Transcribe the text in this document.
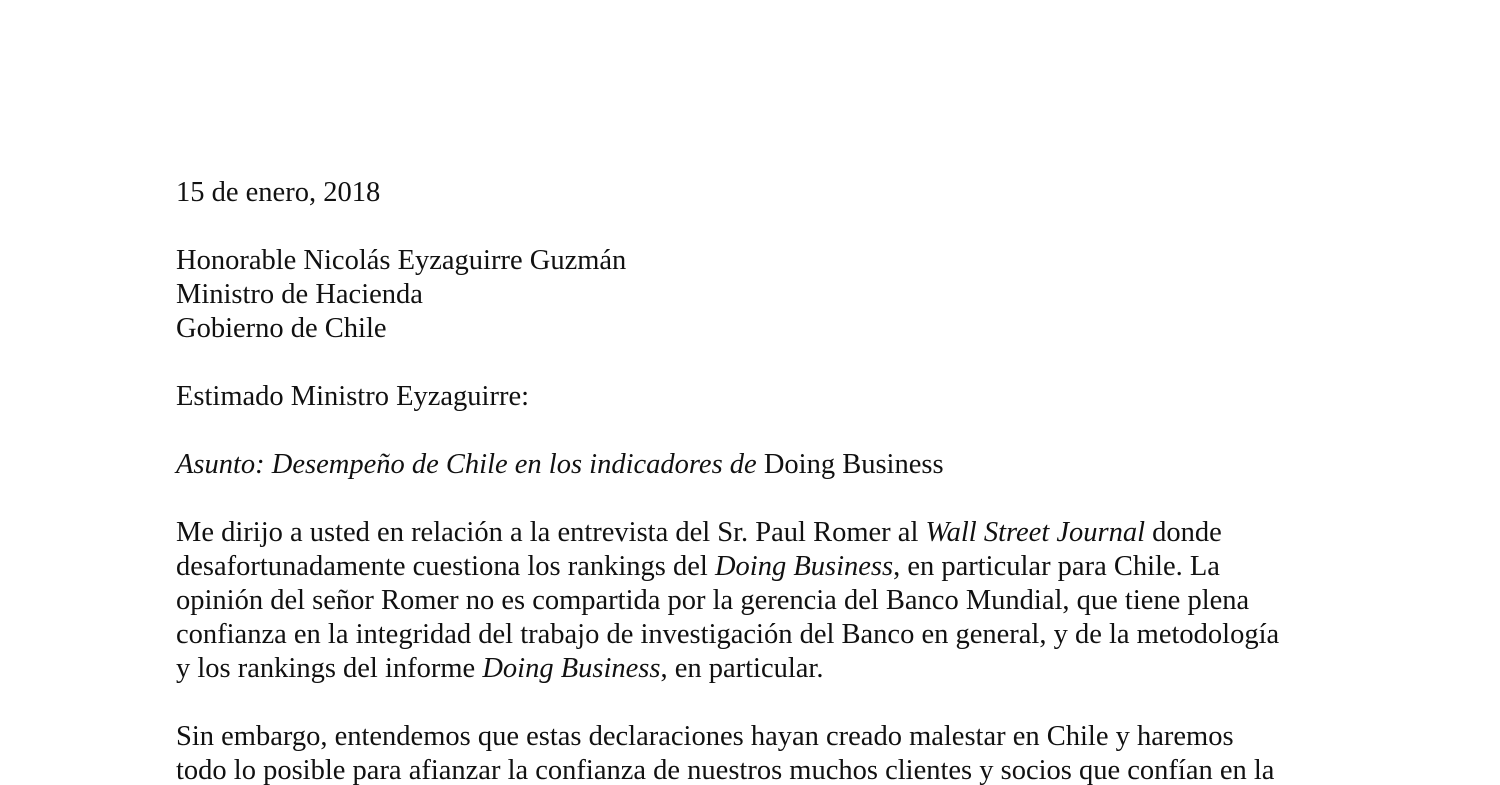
15 de enero, 2018
Honorable Nicolás Eyzaguirre Guzmán
Ministro de Hacienda
Gobierno de Chile
Estimado Ministro Eyzaguirre:
Asunto: Desempeño de Chile en los indicadores de Doing Business
Me dirijo a usted en relación a la entrevista del Sr. Paul Romer al Wall Street Journal donde
desafortunadamente cuestiona los rankings del Doing Business, en particular para Chile. La
opinión del señor Romer no es compartida por la gerencia del Banco Mundial, que tiene plena
confianza en la integridad del trabajo de investigación del Banco en general, y de la metodología
y los rankings del informe Doing Business, en particular.
Sin embargo, entendemos que estas declaraciones hayan creado malestar en Chile y haremos
todo lo posible para afianzar la confianza de nuestros muchos clientes y socios que confían en la
